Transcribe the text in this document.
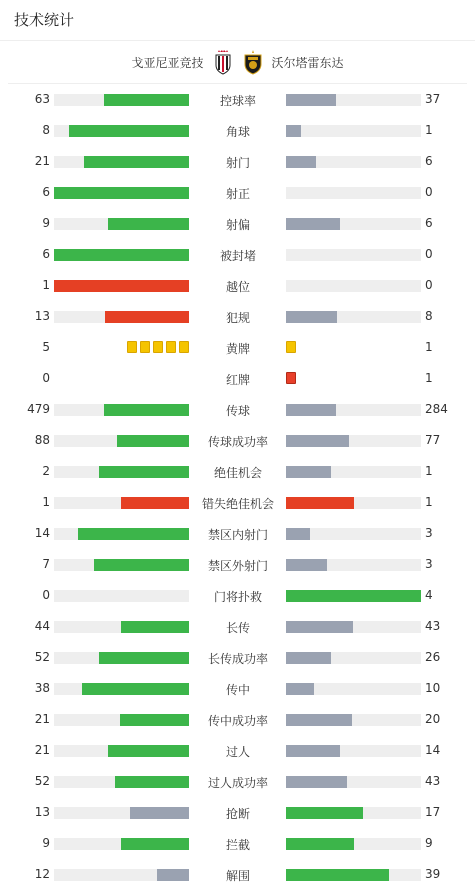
技术统计
戈亚尼亚竞技	沃尔塔雷东达
63	控球率	37
8	角球	1
21	射门	6
6	射正	0
9	射偏	6
6	被封堵	0
1	越位	0
13	犯规	8
5	黄牌	1
0	红牌	1
479	传球	284
88	传球成功率	77
2	绝佳机会	1
1	错失绝佳机会	1
14	禁区内射门	3
7	禁区外射门	3
0	门将扑救	4
44	长传	43
52	长传成功率	26
38	传中	10
21	传中成功率	20
21	过人	14
52	过人成功率	43
13	抢断	17
9	拦截	9
12	解围	39
